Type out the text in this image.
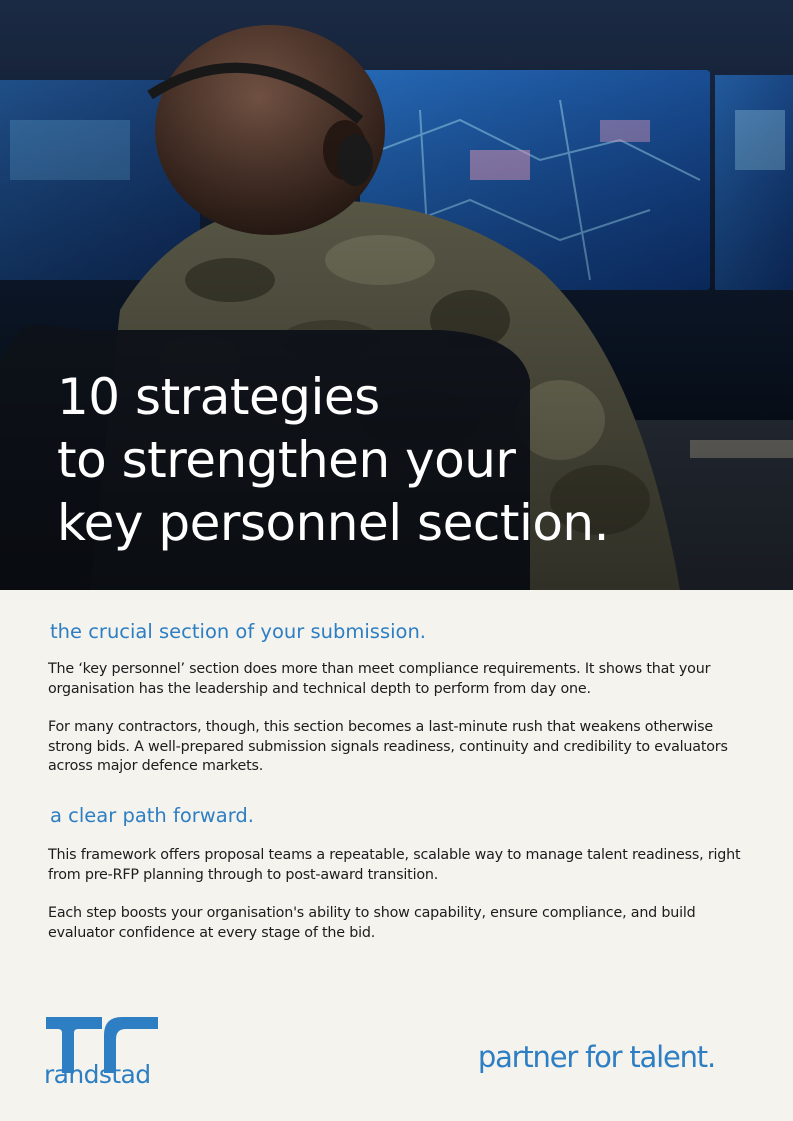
10 strategies
to strengthen your
key personnel section.
the crucial section of your submission.

The ‘key personnel’ section does more than meet compliance requirements. It shows that your organisation has the leadership and technical depth to perform from day one.

For many contractors, though, this section becomes a last-minute rush that weakens otherwise strong bids. A well-prepared submission signals readiness, continuity and credibility to evaluators across major defence markets.

a clear path forward.

This framework offers proposal teams a repeatable, scalable way to manage talent readiness, right from pre-RFP planning through to post-award transition.

Each step boosts your organisation's ability to show capability, ensure compliance, and build evaluator confidence at every stage of the bid.

randstad
partner for talent.
